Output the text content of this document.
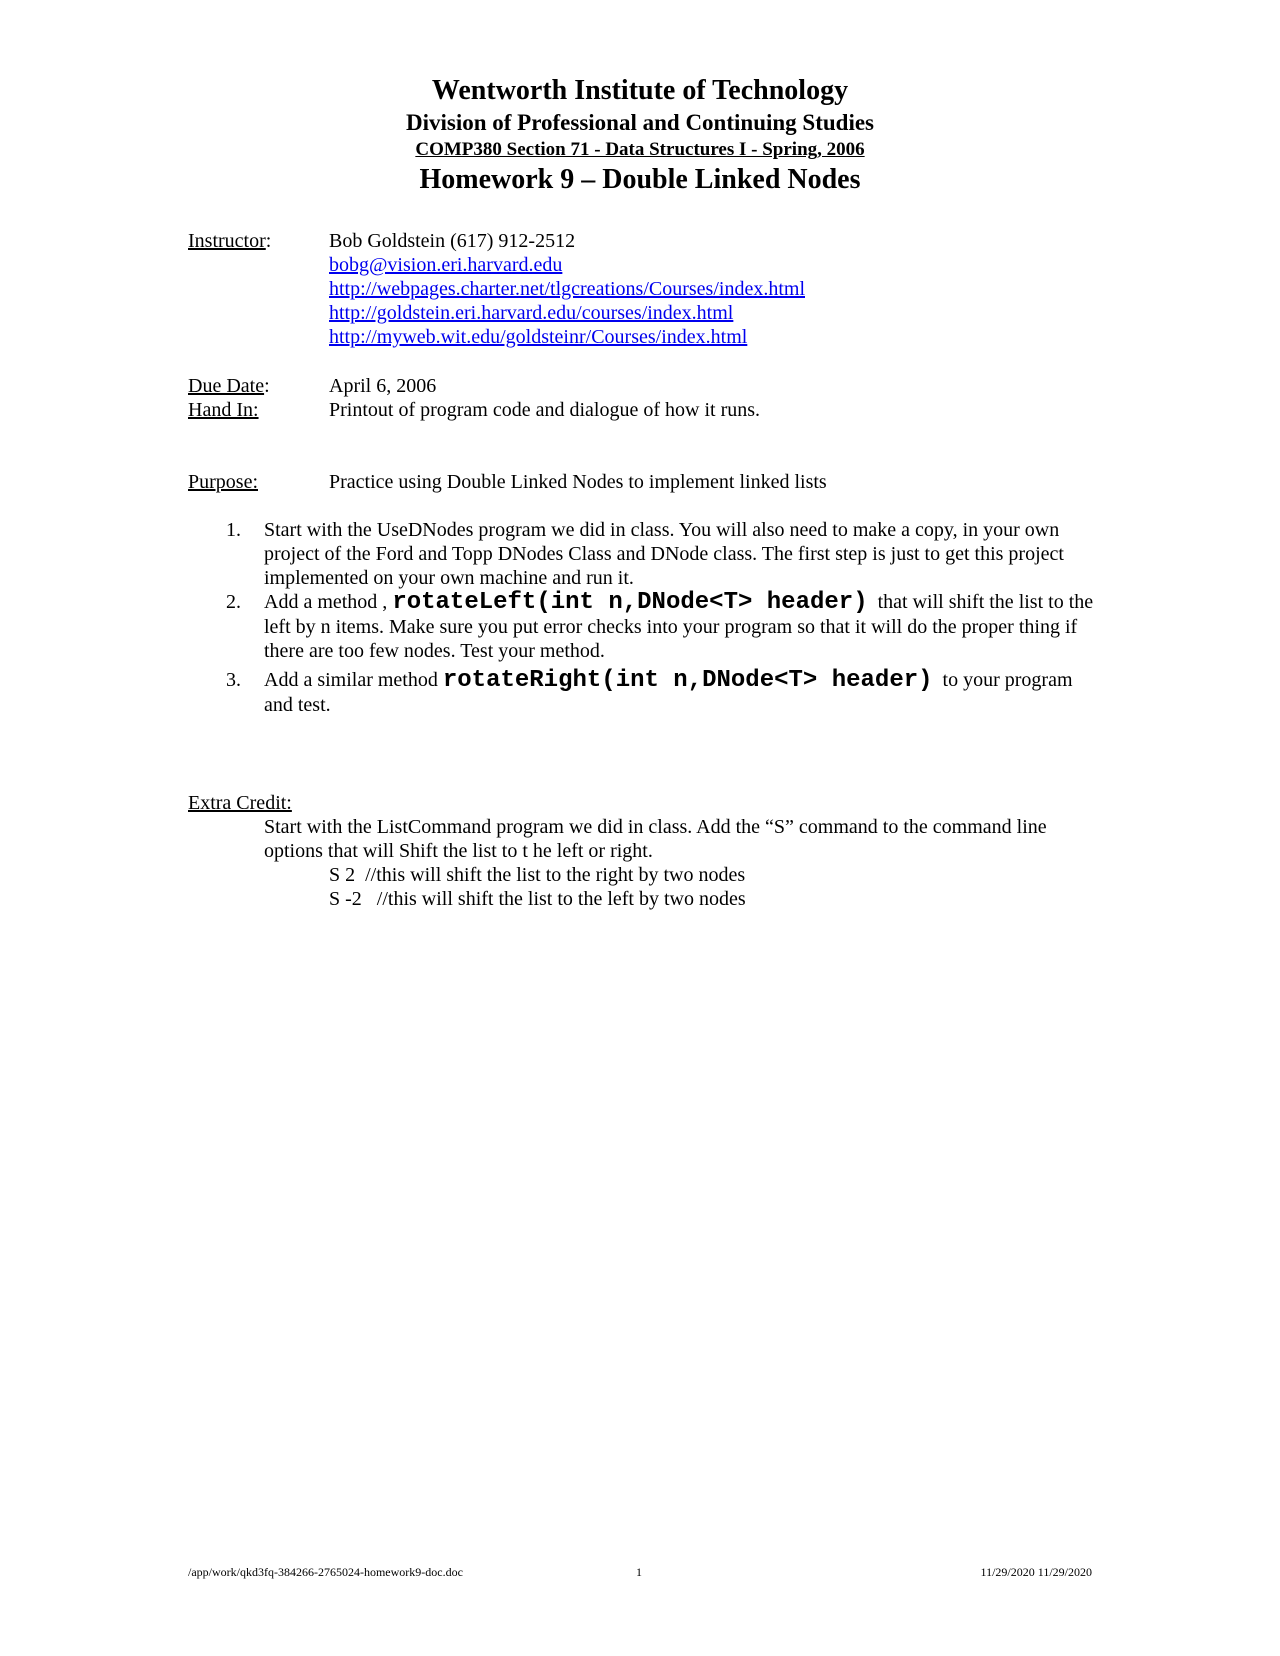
Wentworth Institute of Technology
Division of Professional and Continuing Studies
COMP380 Section 71 - Data Structures I - Spring, 2006
Homework 9 – Double Linked Nodes
Instructor:	Bob Goldstein (617) 912-2512
bobg@vision.eri.harvard.edu
http://webpages.charter.net/tlgcreations/Courses/index.html
http://goldstein.eri.harvard.edu/courses/index.html
http://myweb.wit.edu/goldsteinr/Courses/index.html
Due Date:	April 6, 2006
Hand In:	Printout of program code and dialogue of how it runs.
Purpose:	Practice using Double Linked Nodes to implement linked lists
1. Start with the UseDNodes program we did in class. You will also need to make a copy, in your own project of the Ford and Topp DNodes Class and DNode class. The first step is just to get this project implemented on your own machine and run it.
2. Add a method , rotateLeft(int n,DNode<T> header) that will shift the list to the left by n items. Make sure you put error checks into your program so that it will do the proper thing if there are too few nodes. Test your method.
3. Add a similar method rotateRight(int n,DNode<T> header) to your program and test.
Extra Credit:
Start with the ListCommand program we did in class. Add the “S” command to the command line options that will Shift the list to t he left or right.
S 2  //this will shift the list to the right by two nodes
S -2   //this will shift the list to the left by two nodes
/app/work/qkd3fq-384266-2765024-homework9-doc.doc	1	11/29/2020 11/29/2020
